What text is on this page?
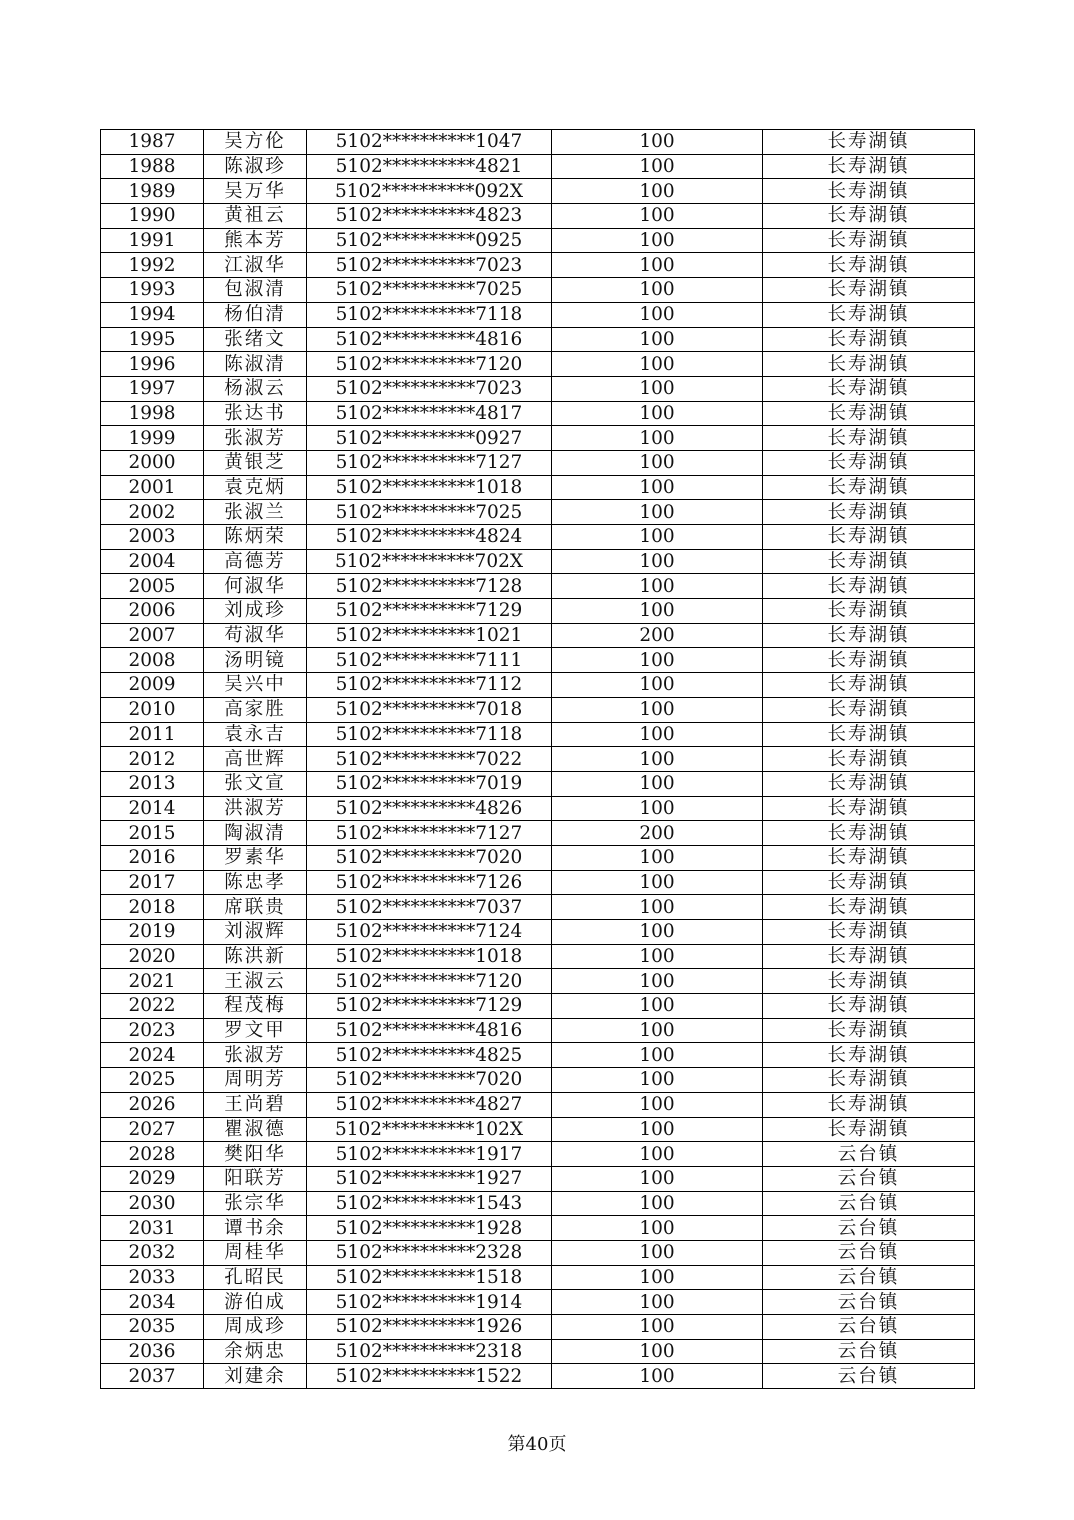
1987	吴方伦	5102**********1047	100	长寿湖镇
1988	陈淑珍	5102**********4821	100	长寿湖镇
1989	吴万华	5102**********092X	100	长寿湖镇
1990	黄祖云	5102**********4823	100	长寿湖镇
1991	熊本芳	5102**********0925	100	长寿湖镇
1992	江淑华	5102**********7023	100	长寿湖镇
1993	包淑清	5102**********7025	100	长寿湖镇
1994	杨伯清	5102**********7118	100	长寿湖镇
1995	张绪文	5102**********4816	100	长寿湖镇
1996	陈淑清	5102**********7120	100	长寿湖镇
1997	杨淑云	5102**********7023	100	长寿湖镇
1998	张达书	5102**********4817	100	长寿湖镇
1999	张淑芳	5102**********0927	100	长寿湖镇
2000	黄银芝	5102**********7127	100	长寿湖镇
2001	袁克炳	5102**********1018	100	长寿湖镇
2002	张淑兰	5102**********7025	100	长寿湖镇
2003	陈炳荣	5102**********4824	100	长寿湖镇
2004	高德芳	5102**********702X	100	长寿湖镇
2005	何淑华	5102**********7128	100	长寿湖镇
2006	刘成珍	5102**********7129	100	长寿湖镇
2007	苟淑华	5102**********1021	200	长寿湖镇
2008	汤明镜	5102**********7111	100	长寿湖镇
2009	吴兴中	5102**********7112	100	长寿湖镇
2010	高家胜	5102**********7018	100	长寿湖镇
2011	袁永吉	5102**********7118	100	长寿湖镇
2012	高世辉	5102**********7022	100	长寿湖镇
2013	张文宣	5102**********7019	100	长寿湖镇
2014	洪淑芳	5102**********4826	100	长寿湖镇
2015	陶淑清	5102**********7127	200	长寿湖镇
2016	罗素华	5102**********7020	100	长寿湖镇
2017	陈忠孝	5102**********7126	100	长寿湖镇
2018	席联贵	5102**********7037	100	长寿湖镇
2019	刘淑辉	5102**********7124	100	长寿湖镇
2020	陈洪新	5102**********1018	100	长寿湖镇
2021	王淑云	5102**********7120	100	长寿湖镇
2022	程茂梅	5102**********7129	100	长寿湖镇
2023	罗文甲	5102**********4816	100	长寿湖镇
2024	张淑芳	5102**********4825	100	长寿湖镇
2025	周明芳	5102**********7020	100	长寿湖镇
2026	王尚碧	5102**********4827	100	长寿湖镇
2027	瞿淑德	5102**********102X	100	长寿湖镇
2028	樊阳华	5102**********1917	100	云台镇
2029	阳联芳	5102**********1927	100	云台镇
2030	张宗华	5102**********1543	100	云台镇
2031	谭书余	5102**********1928	100	云台镇
2032	周桂华	5102**********2328	100	云台镇
2033	孔昭民	5102**********1518	100	云台镇
2034	游伯成	5102**********1914	100	云台镇
2035	周成珍	5102**********1926	100	云台镇
2036	余炳忠	5102**********2318	100	云台镇
2037	刘建余	5102**********1522	100	云台镇
第40页
